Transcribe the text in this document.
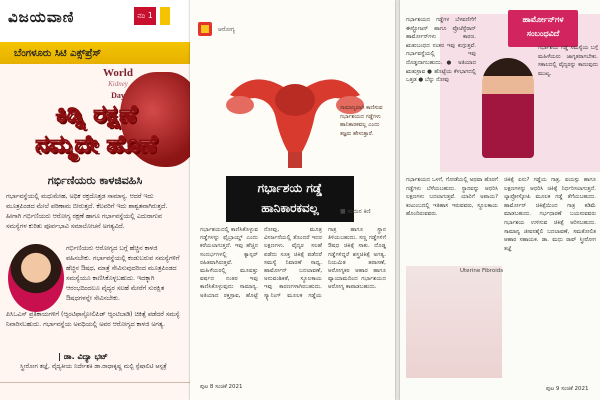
ವಿಜಯವಾಣಿ	ನಂ 1
ಬೆಂಗಳೂರು ಸಿಟಿ ಎಕ್ಸ್‌ಪ್ರೆಸ್
World
Kidney
Day
ಕಿಡ್ನಿ ರಕ್ಷಣೆ
ನಮ್ಮದೇ ಹೊಣೆ
ಗರ್ಭಿಣಿಯರು ಕಾಳಜಿವಹಿಸಿ
ಗರ್ಭಾವಸ್ಥೆಯಲ್ಲಿ ಮಧುಮೇಹ, ಅಧಿಕ ರಕ್ತದೊತ್ತಡ ಸಾಮಾನ್ಯ. ಆದರೆ ಇದು ಮೂತ್ರಪಿಂಡದ ಮೇಲೆ ಪರಿಣಾಮ ಬೀರುತ್ತದೆ. ಕೆಲವರಿಗೆ ಇದು ಶಾಶ್ವತವಾಗಿರುತ್ತದೆ. ಹೀಗಾಗಿ ಗರ್ಭಿಣಿಯರು ಆರೋಗ್ಯ ರಕ್ಷಣೆ ಹಾಗೂ ಗರ್ಭಾವಸ್ಥೆಯಲ್ಲಿ ಎದುರಾಗುವ ಸಮಸ್ಯೆಗಳ ಕುರಿತು ಪೂರ್ವಭಾವಿ ಸಮಾಲೋಚನೆ ಅಗತ್ಯವಿದೆ.
ಗರ್ಭಿಣಿಯರು ಆರೋಗ್ಯದ ಬಗ್ಗೆ ಹೆಚ್ಚಿನ ಕಾಳಜಿ ವಹಿಸಬೇಕು. ಗರ್ಭಾವಸ್ಥೆಯಲ್ಲಿ ಕಂಡುಬರುವ ಸಮಸ್ಯೆಗಳಿಗೆ ಹೆಚ್ಚಿನ ಔಷಧ, ಮಾತ್ರೆ ಸೇವಿಸುವುದರಿಂದ ಮೂತ್ರಪಿಂಡದ ಸಮಸ್ಯೆಯೂ ಕಾಣಿಸಿಕೊಳ್ಳಬಹುದು. ಇದಕ್ಕಾಗಿ ಆರಂಭದಿಂದಲೂ ವೈದ್ಯರ ಸಲಹೆ ಮೇರೆಗೆ ಸುರಕ್ಷಿತ ಔಷಧಗಳನ್ನೇ ಸೇವಿಸಬೇಕು.
ಪಿಸಿಒಎಸ್ ಪ್ರತಿಕಾಯಗಳಿಗೆ (ಆ್ಯಂಟಿಫಾಸ್ಫೋಲಿಪಿಡ್ ಆ್ಯಂಟಿಬಾಡಿ) ಚಿಕಿತ್ಸೆ ಪಡೆದರೆ ಸಮಸ್ಯೆ ನಿವಾರಿಸಬಹುದು. ಗರ್ಭಾವಸ್ಥೆಯ ಅವಧಿಯಲ್ಲಿ ಅವರ ಆರೋಗ್ಯದ ಕಾಳಜಿ ಅಗತ್ಯ.
| ಡಾ. ವಿದ್ಯಾ ಭಟ್
ಸ್ತ್ರೀರೋಗ ತಜ್ಞೆ, ವೈದ್ಯಕೀಯ ನಿರ್ದೇಶಕಿ ಡಾ.ರಾಧಾಕೃಷ್ಣ ಮಲ್ಟಿ ಸ್ಪೆಷಾಲಿಟಿ ಆಸ್ಪತ್ರೆ
ಆರೋಗ್ಯ
ಸಾಮಾನ್ಯವಾಗಿ ಕಾಣಿಸುವ ಗರ್ಭಾಶಯದ ಗಡ್ಡೆಗಳು ಹಾನಿಕಾರಕವಲ್ಲ ಎಂದು ತಜ್ಞರು ಹೇಳುತ್ತಾರೆ.
ಗರ್ಭಾಶಯ ಗಡ್ಡೆ
ಹಾನಿಕಾರಕವಲ್ಲ	■ ಸುಮನ ಕಿಣಿ
ಗರ್ಭಾಶಯದಲ್ಲಿ ಕಾಣಿಸಿಕೊಳ್ಳುವ ಗಡ್ಡೆಗಳನ್ನು ಫೈಬ್ರಾಯ್ಡ್ ಎಂದು ಕರೆಯಲಾಗುತ್ತದೆ. ಇವು ಹೆಚ್ಚಿನ ಸಂದರ್ಭಗಳಲ್ಲಿ ಕ್ಯಾನ್ಸರ್ ರಹಿತವಾಗಿರುತ್ತವೆ. ಮಹಿಳೆಯರಲ್ಲಿ ಮೂವತ್ತು ವರ್ಷದ ನಂತರ ಇವು ಕಾಣಿಸಿಕೊಳ್ಳುವುದು ಸಾಮಾನ್ಯ. ಅತಿಯಾದ ರಕ್ತಸ್ರಾವ, ಹೊಟ್ಟೆ ನೋವು, ಮೂತ್ರ ವಿಸರ್ಜನೆಯಲ್ಲಿ ತೊಂದರೆ ಇದರ ಲಕ್ಷಣಗಳು. ವೈದ್ಯರ ಸಲಹೆ ಪಡೆದು ಸೂಕ್ತ ಚಿಕಿತ್ಸೆ ಪಡೆದರೆ ಸಮಸ್ಯೆ ನಿವಾರಣೆ ಸಾಧ್ಯ. ಹಾರ್ಮೋನ್ ಬದಲಾವಣೆ, ಅನುವಂಶಿಕತೆ, ಸ್ಥೂಲಕಾಯ ಇವು ಕಾರಣಗಳಾಗಿರಬಹುದು. ಸ್ಕ್ಯಾನಿಂಗ್ ಮೂಲಕ ಗಡ್ಡೆಯ ಗಾತ್ರ ಹಾಗೂ ಸ್ಥಾನ ತಿಳಿಯಬಹುದು. ಸಣ್ಣ ಗಡ್ಡೆಗಳಿಗೆ ಔಷಧ ಚಿಕಿತ್ಸೆ ಸಾಕು. ದೊಡ್ಡ ಗಡ್ಡೆಗಳಿದ್ದರೆ ಶಸ್ತ್ರಚಿಕಿತ್ಸೆ ಅಗತ್ಯ. ನಿಯಮಿತ ತಪಾಸಣೆ, ಆರೋಗ್ಯಕರ ಆಹಾರ ಹಾಗೂ ವ್ಯಾಯಾಮದಿಂದ ಗರ್ಭಾಶಯದ ಆರೋಗ್ಯ ಕಾಪಾಡಬಹುದು.
ಪುಟ 8 ಸಂಚಿಕೆ 2021
ಹಾರ್ಮೋನ್‌ಗಳ ಸಂಬಂಧವಿದೆ
ಗರ್ಭಾಶಯದ ಗಡ್ಡೆಗಳ ಬೆಳವಣಿಗೆಗೆ ಈಸ್ಟ್ರೋಜನ್ ಹಾಗೂ ಪ್ರೊಜೆಸ್ಟೆರಾನ್ ಹಾರ್ಮೋನ್‌ಗಳು ಕಾರಣ. ಋತುಬಂಧದ ನಂತರ ಇವು ಕುಗ್ಗುತ್ತವೆ. ಗರ್ಭಾವಸ್ಥೆಯಲ್ಲಿ ಇವು ದೊಡ್ಡದಾಗಬಹುದು. ● ಅತಿಯಾದ ಋತುಸ್ರಾವ ● ಹೊಟ್ಟೆಯ ಕೆಳಭಾಗದಲ್ಲಿ ಒತ್ತಡ ● ಬೆನ್ನು ನೋವು
ಗರ್ಭಾಶಯ ಗಡ್ಡೆ ಸಮಸ್ಯೆಯ ಬಗ್ಗೆ ಮಹಿಳೆಯರು ಜಾಗೃತರಾಗಬೇಕು. ಸಕಾಲದಲ್ಲಿ ವೈದ್ಯರನ್ನು ಕಾಣುವುದು ಮುಖ್ಯ.
ಗರ್ಭಾಶಯದ ಒಳಗೆ, ಗೋಡೆಯಲ್ಲಿ ಅಥವಾ ಹೊರಗೆ ಗಡ್ಡೆಗಳು ಬೆಳೆಯಬಹುದು. ಸ್ಥಾನವನ್ನು ಆಧರಿಸಿ ಲಕ್ಷಣಗಳು ಬದಲಾಗುತ್ತವೆ. ಯಾರಿಗೆ ಅಪಾಯ? ಕುಟುಂಬದಲ್ಲಿ ಇತಿಹಾಸ ಇರುವವರು, ಸ್ಥೂಲಕಾಯ ಹೊಂದಿರುವವರು.
ಚಿಕಿತ್ಸೆ ಏನು? ಗಡ್ಡೆಯ ಗಾತ್ರ, ವಯಸ್ಸು ಹಾಗೂ ಲಕ್ಷಣಗಳನ್ನು ಆಧರಿಸಿ ಚಿಕಿತ್ಸೆ ನಿರ್ಧರಿಸಲಾಗುತ್ತದೆ. ಲ್ಯಾಪ್ರೋಸ್ಕೋಪಿ ಮೂಲಕ ಗಡ್ಡೆ ತೆಗೆಯಬಹುದು. ಹಾರ್ಮೋನ್ ಚಿಕಿತ್ಸೆಯಿಂದ ಗಾತ್ರ ಕಡಿಮೆ ಮಾಡಬಹುದು. ಗರ್ಭಧಾರಣೆ ಬಯಸುವವರು ಗರ್ಭಾಶಯ ಉಳಿಸುವ ಚಿಕಿತ್ಸೆ ಆರಿಸಬಹುದು. ಸಾಮಾನ್ಯ ಜೀವನಶೈಲಿ ಬದಲಾವಣೆ, ಸಮತೋಲಿತ ಆಹಾರ ಸಹಾಯಕ. ಡಾ. ಮಧು ರಾವ್ ಸ್ತ್ರೀರೋಗ ತಜ್ಞೆ
Uterine Fibroids
ಪುಟ 9 ಸಂಚಿಕೆ 2021
